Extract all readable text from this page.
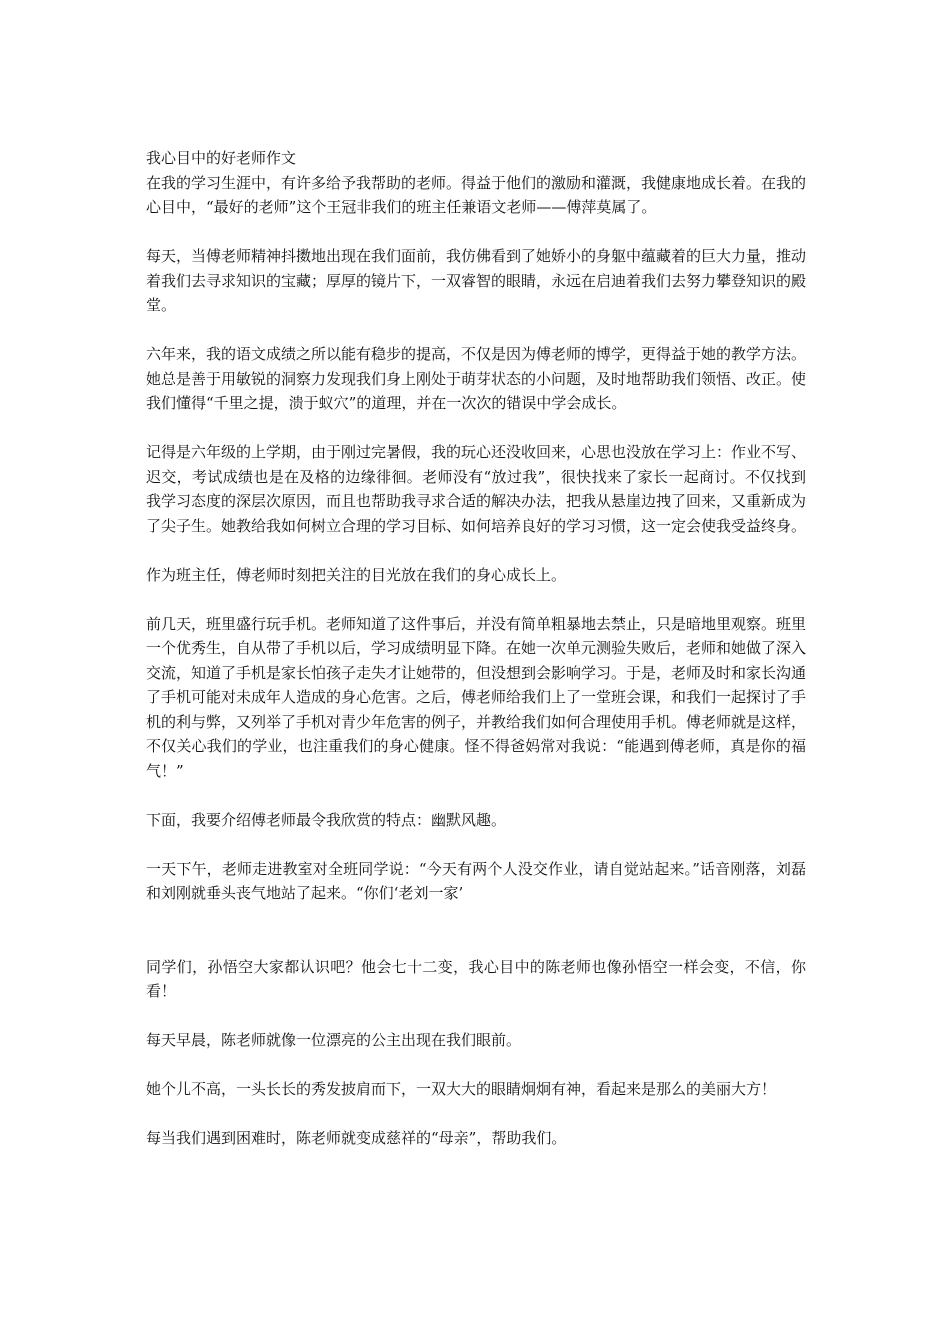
我心目中的好老师作文

在我的学习生涯中，有许多给予我帮助的老师。得益于他们的激励和灌溉，我健康地成长着。在我的心目中，“最好的老师”这个王冠非我们的班主任兼语文老师——傅萍莫属了。

每天，当傅老师精神抖擞地出现在我们面前，我仿佛看到了她娇小的身躯中蕴藏着的巨大力量，推动着我们去寻求知识的宝藏；厚厚的镜片下，一双睿智的眼睛，永远在启迪着我们去努力攀登知识的殿堂。

六年来，我的语文成绩之所以能有稳步的提高，不仅是因为傅老师的博学，更得益于她的教学方法。她总是善于用敏锐的洞察力发现我们身上刚处于萌芽状态的小问题，及时地帮助我们领悟、改正。使我们懂得“千里之提，溃于蚁穴”的道理，并在一次次的错误中学会成长。

记得是六年级的上学期，由于刚过完暑假，我的玩心还没收回来，心思也没放在学习上：作业不写、迟交，考试成绩也是在及格的边缘徘徊。老师没有“放过我”，很快找来了家长一起商讨。不仅找到我学习态度的深层次原因，而且也帮助我寻求合适的解决办法，把我从悬崖边拽了回来，又重新成为了尖子生。她教给我如何树立合理的学习目标、如何培养良好的学习习惯，这一定会使我受益终身。

作为班主任，傅老师时刻把关注的目光放在我们的身心成长上。

前几天，班里盛行玩手机。老师知道了这件事后，并没有简单粗暴地去禁止，只是暗地里观察。班里一个优秀生，自从带了手机以后，学习成绩明显下降。在她一次单元测验失败后，老师和她做了深入交流，知道了手机是家长怕孩子走失才让她带的，但没想到会影响学习。于是，老师及时和家长沟通了手机可能对未成年人造成的身心危害。之后，傅老师给我们上了一堂班会课，和我们一起探讨了手机的利与弊，又列举了手机对青少年危害的例子，并教给我们如何合理使用手机。傅老师就是这样，不仅关心我们的学业，也注重我们的身心健康。怪不得爸妈常对我说：“能遇到傅老师，真是你的福气！”

下面，我要介绍傅老师最令我欣赏的特点：幽默风趣。

一天下午，老师走进教室对全班同学说：“今天有两个人没交作业，请自觉站起来。”话音刚落，刘磊和刘刚就垂头丧气地站了起来。“你们‘老刘一家’

同学们，孙悟空大家都认识吧？他会七十二变，我心目中的陈老师也像孙悟空一样会变，不信，你看！

每天早晨，陈老师就像一位漂亮的公主出现在我们眼前。

她个儿不高，一头长长的秀发披肩而下，一双大大的眼睛炯炯有神，看起来是那么的美丽大方！

每当我们遇到困难时，陈老师就变成慈祥的“母亲”，帮助我们。
